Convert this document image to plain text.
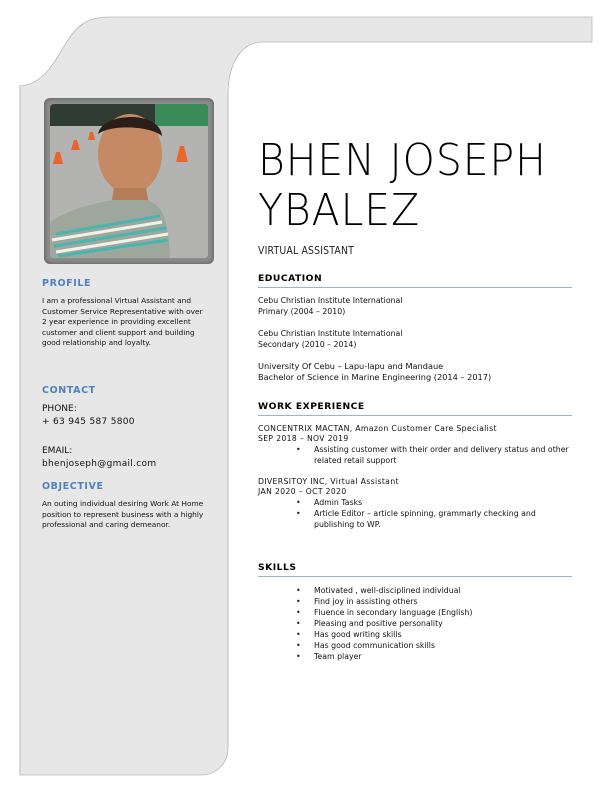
PROFILE

I am a professional Virtual Assistant and Customer Service Representative with over 2 year experience in providing excellent customer and client support and building good relationship and loyalty.

CONTACT

PHONE:

+ 63 945 587 5800

EMAIL:

bhenjoseph@gmail.com

OBJECTIVE

An outing individual desiring Work At Home position to represent business with a highly professional and caring demeanor.

BHEN JOSEPH
YBALEZ

VIRTUAL ASSISTANT

EDUCATION
Cebu Christian Institute International
Primary (2004 – 2010)
Cebu Christian Institute International
Secondary (2010 – 2014)
University Of Cebu – Lapu-lapu and Mandaue
Bachelor of Science in Marine Engineering (2014 – 2017)
WORK EXPERIENCE

CONCENTRIX MACTAN, Amazon Customer Care Specialist

SEP 2018 – NOV 2019

• Assisting customer with their order and delivery status and other related retail support

DIVERSITOY INC, Virtual Assistant

JAN 2020 – OCT 2020

• Admin Tasks
• Article Editor – article spinning, grammarly checking and publishing to WP.
SKILLS
• Motivated , well-disciplined individual
• Find joy in assisting others
• Fluence in secondary language (English)
• Pleasing and positive personality
• Has good writing skills
• Has good communication skills
• Team player
